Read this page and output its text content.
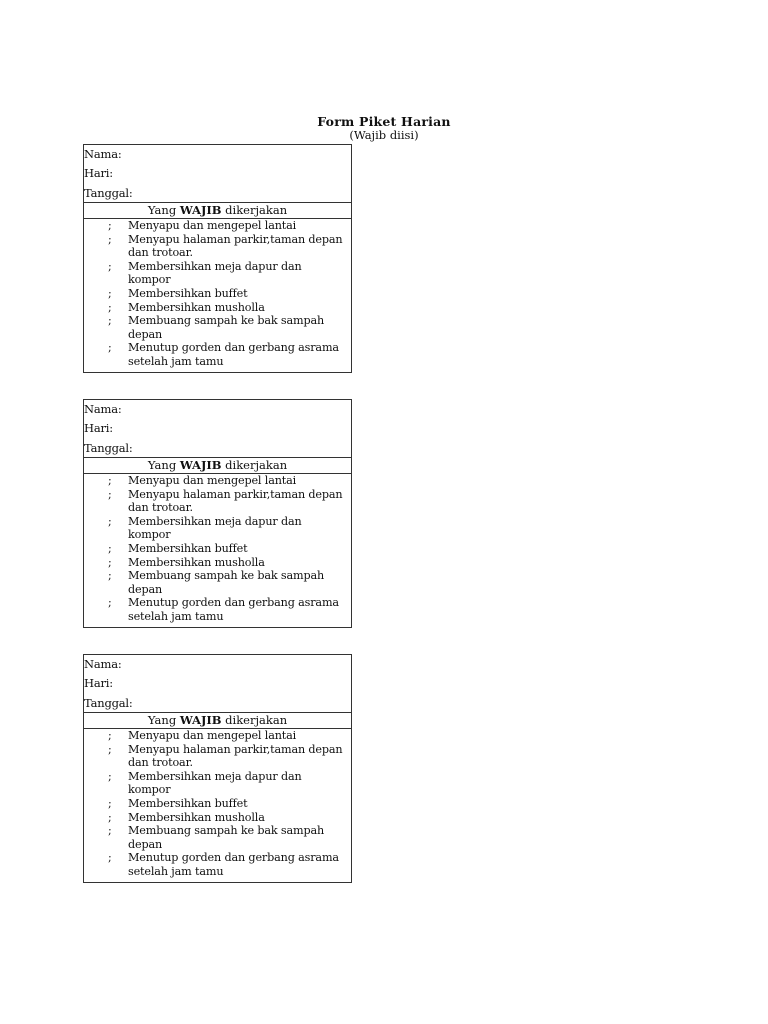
Form Piket Harian
(Wajib diisi)
Nama:
Hari:
Tanggal:
Yang WAJIB dikerjakan
; Menyapu dan mengepel lantai
; Menyapu halaman parkir,taman depan dan trotoar.
; Membersihkan meja dapur dan kompor
; Membersihkan buffet
; Membersihkan musholla
; Membuang sampah ke bak sampah depan
; Menutup gorden dan gerbang asrama setelah jam tamu
Nama:
Hari:
Tanggal:
Yang WAJIB dikerjakan
; Menyapu dan mengepel lantai
; Menyapu halaman parkir,taman depan dan trotoar.
; Membersihkan meja dapur dan kompor
; Membersihkan buffet
; Membersihkan musholla
; Membuang sampah ke bak sampah depan
; Menutup gorden dan gerbang asrama setelah jam tamu
Nama:
Hari:
Tanggal:
Yang WAJIB dikerjakan
; Menyapu dan mengepel lantai
; Menyapu halaman parkir,taman depan dan trotoar.
; Membersihkan meja dapur dan kompor
; Membersihkan buffet
; Membersihkan musholla
; Membuang sampah ke bak sampah depan
; Menutup gorden dan gerbang asrama setelah jam tamu
